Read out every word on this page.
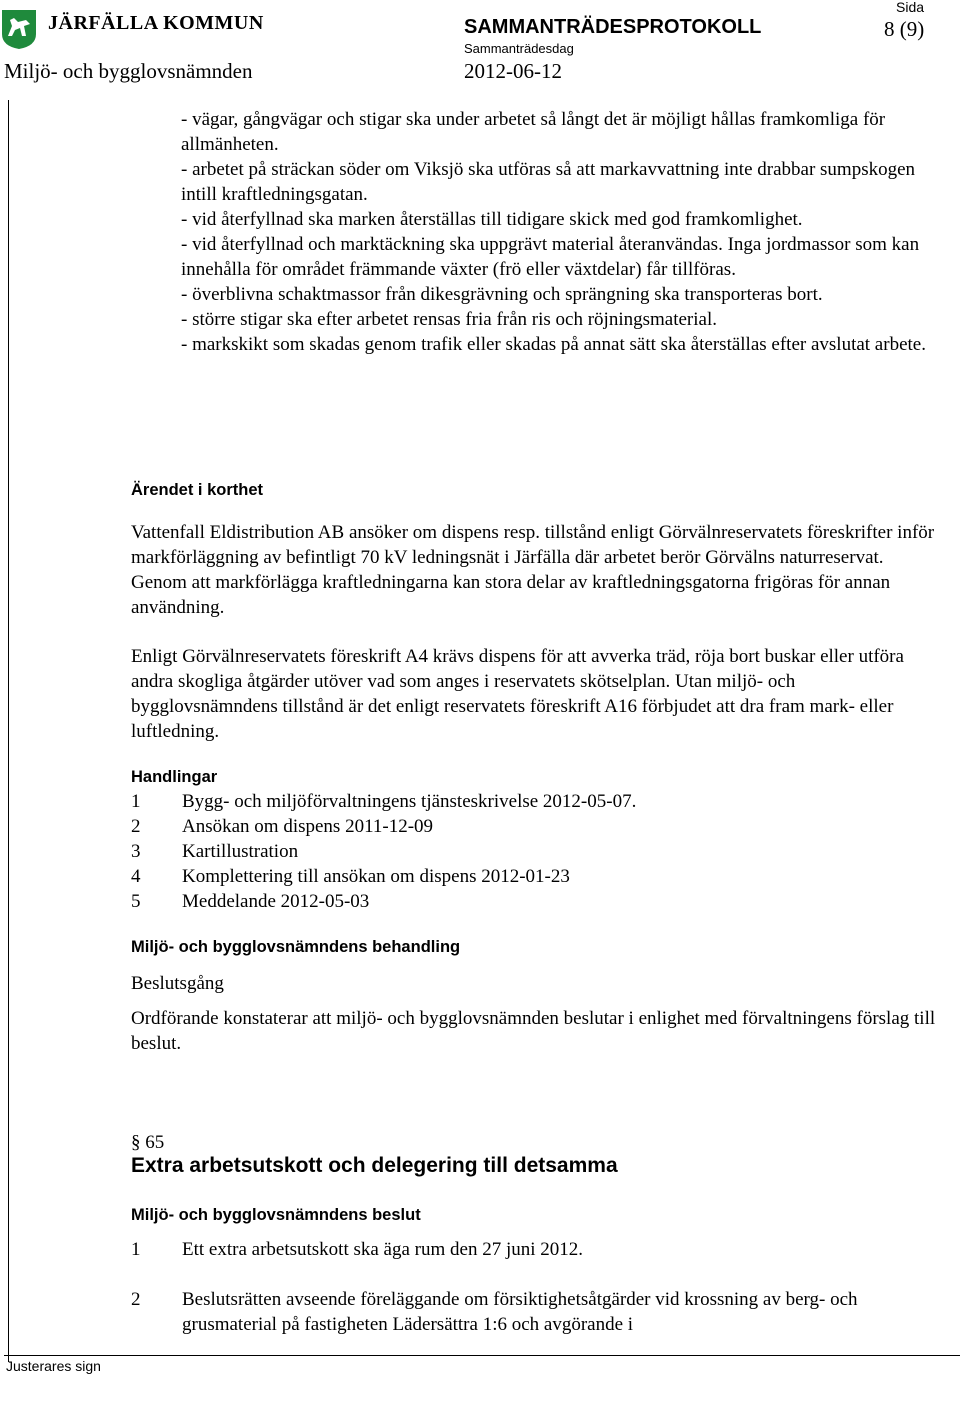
JÄRFÄLLA KOMMUN
Miljö- och bygglovsnämnden
SAMMANTRÄDESPROTOKOLL
Sammanträdesdag
2012-06-12
Sida
8 (9)

- vägar, gångvägar och stigar ska under arbetet så långt det är möjligt hållas framkomliga för allmänheten.

- arbetet på sträckan söder om Viksjö ska utföras så att markavvattning inte drabbar sumpskogen intill kraftledningsgatan.

- vid återfyllnad ska marken återställas till tidigare skick med god framkomlighet.

- vid återfyllnad och marktäckning ska uppgrävt material återanvändas. Inga jordmassor som kan innehålla för området främmande växter (frö eller växtdelar) får tillföras.

- överblivna schaktmassor från dikesgrävning och sprängning ska transporteras bort.

- större stigar ska efter arbetet rensas fria från ris och röjningsmaterial.

- markskikt som skadas genom trafik eller skadas på annat sätt ska återställas efter avslutat arbete.

Ärendet i korthet

Vattenfall Eldistribution AB ansöker om dispens resp. tillstånd enligt Görvälnreservatets föreskrifter inför markförläggning av befintligt 70 kV ledningsnät i Järfälla där arbetet berör Görvälns naturreservat. Genom att markförlägga kraftledningarna kan stora delar av kraftledningsgatorna frigöras för annan användning.

Enligt Görvälnreservatets föreskrift A4 krävs dispens för att avverka träd, röja bort buskar eller utföra andra skogliga åtgärder utöver vad som anges i reservatets skötselplan. Utan miljö- och bygglovsnämndens tillstånd är det enligt reservatets föreskrift A16 förbjudet att dra fram mark- eller luftledning.

Handlingar
1	Bygg- och miljöförvaltningens tjänsteskrivelse 2012-05-07.
2	Ansökan om dispens 2011-12-09
3	Kartillustration
4	Komplettering till ansökan om dispens 2012-01-23
5	Meddelande 2012-05-03
Miljö- och bygglovsnämndens behandling
Beslutsgång

Ordförande konstaterar att miljö- och bygglovsnämnden beslutar i enlighet med förvaltningens förslag till beslut.

§ 65
Extra arbetsutskott och delegering till detsamma
Miljö- och bygglovsnämndens beslut
1	Ett extra arbetsutskott ska äga rum den 27 juni 2012.
2	Beslutsrätten avseende föreläggande om försiktighetsåtgärder vid krossning av berg- och grusmaterial på fastigheten Lädersättra 1:6 och avgörande i
Justerares sign
